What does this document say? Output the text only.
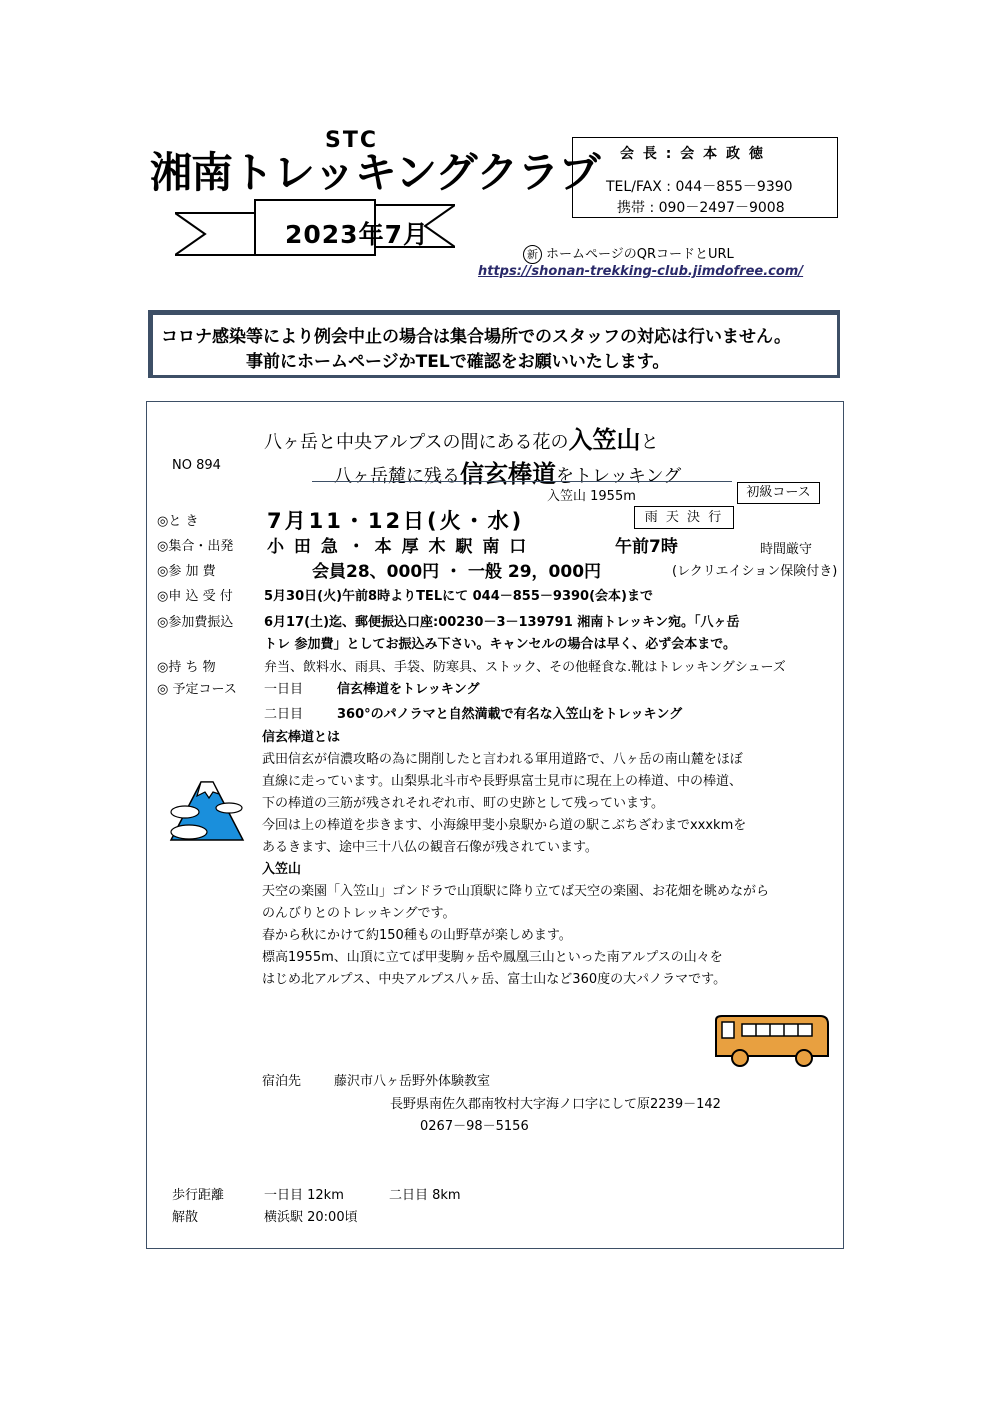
湘南トレッキングクラブ
STC
2023年7月
会 長 : 会 本 政 徳
TEL/FAX : 044－855－9390
携帯 : 090－2497－9008
新 ホームページのQRコードとURL
https://shonan-trekking-club.jimdofree.com/
コロナ感染等により例会中止の場合は集合場所でのスタッフの対応は行いません。
事前にホームページかTELで確認をお願いいたします。
八ヶ岳と中央アルプスの間にある花の入笠山と
NO 894
八ヶ岳麓に残る信玄棒道をトレッキング
入笠山 1955m	初級コース
◎と き	7月11・12日(火・水)	雨 天 決 行
◎集合・出発 小 田 急 ・ 本 厚 木 駅 南 口	午前7時	時間厳守
◎参 加 費	会員28、000円 ・ 一般 29，000円	(レクリエイション保険付き)
◎申 込 受 付 5月30日(火)午前8時よりTELにて 044－855－9390(会本)まで
◎参加費振込 6月17(土)迄、郵便振込口座:00230－3－139791 湘南トレッキン宛。「八ヶ岳
トレ 参加費」としてお振込み下さい。キャンセルの場合は早く、必ず会本まで。
◎持 ち 物	弁当、飲料水、雨具、手袋、防寒具、ストック、その他軽食な.靴はトレッキングシューズ
◎ 予定コース 一日目	信玄棒道をトレッキング
二日目	360°のパノラマと自然満載で有名な入笠山をトレッキング
信玄棒道とは
武田信玄が信濃攻略の為に開削したと言われる軍用道路で、八ヶ岳の南山麓をほぼ
直線に走っています。山梨県北斗市や長野県富士見市に現在上の棒道、中の棒道、
下の棒道の三筋が残されそれぞれ市、町の史跡として残っています。
今回は上の棒道を歩きます、小海線甲斐小泉駅から道の駅こぶちざわまでxxxkmを
あるきます、途中三十八仏の観音石像が残されています。
入笠山
天空の楽園「入笠山」ゴンドラで山頂駅に降り立てば天空の楽園、お花畑を眺めながら
のんびりとのトレッキングです。
春から秋にかけて約150種もの山野草が楽しめます。
標高1955m、山頂に立てば甲斐駒ヶ岳や鳳凰三山といった南アルプスの山々を
はじめ北アルプス、中央アルプス八ヶ岳、富士山など360度の大パノラマです。
宿泊先	藤沢市八ヶ岳野外体験教室
長野県南佐久郡南牧村大字海ノ口字にして原2239－142
0267－98－5156
歩行距離	一日目 12km	二日目 8km
解散	横浜駅 20:00頃
